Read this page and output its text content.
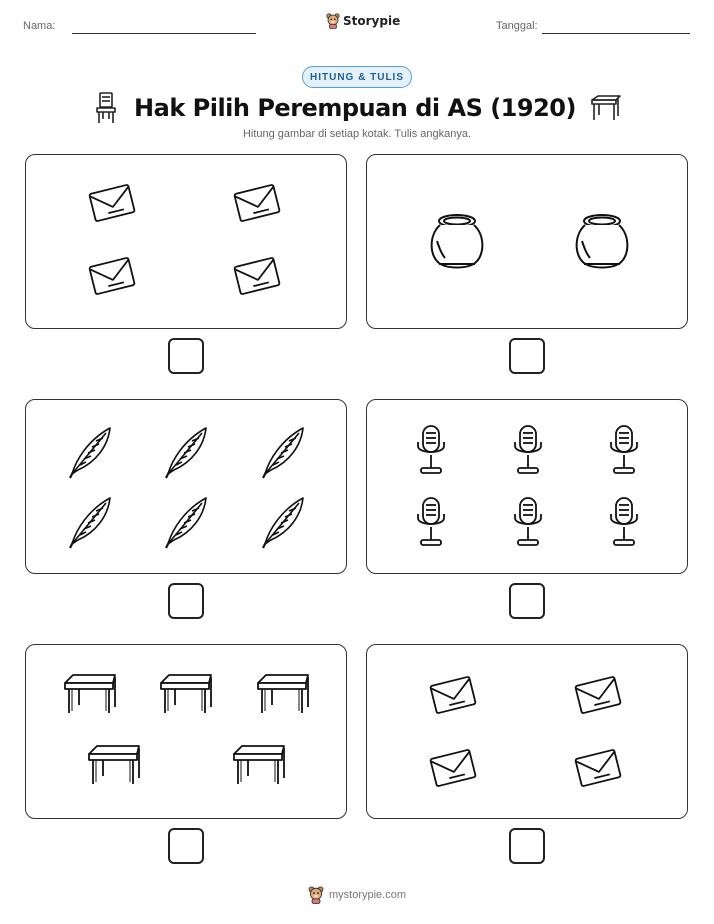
Nama:	Storypie	Tanggal:
HITUNG & TULIS
Hak Pilih Perempuan di AS (1920)
Hitung gambar di setiap kotak. Tulis angkanya.
mystorypie.com
